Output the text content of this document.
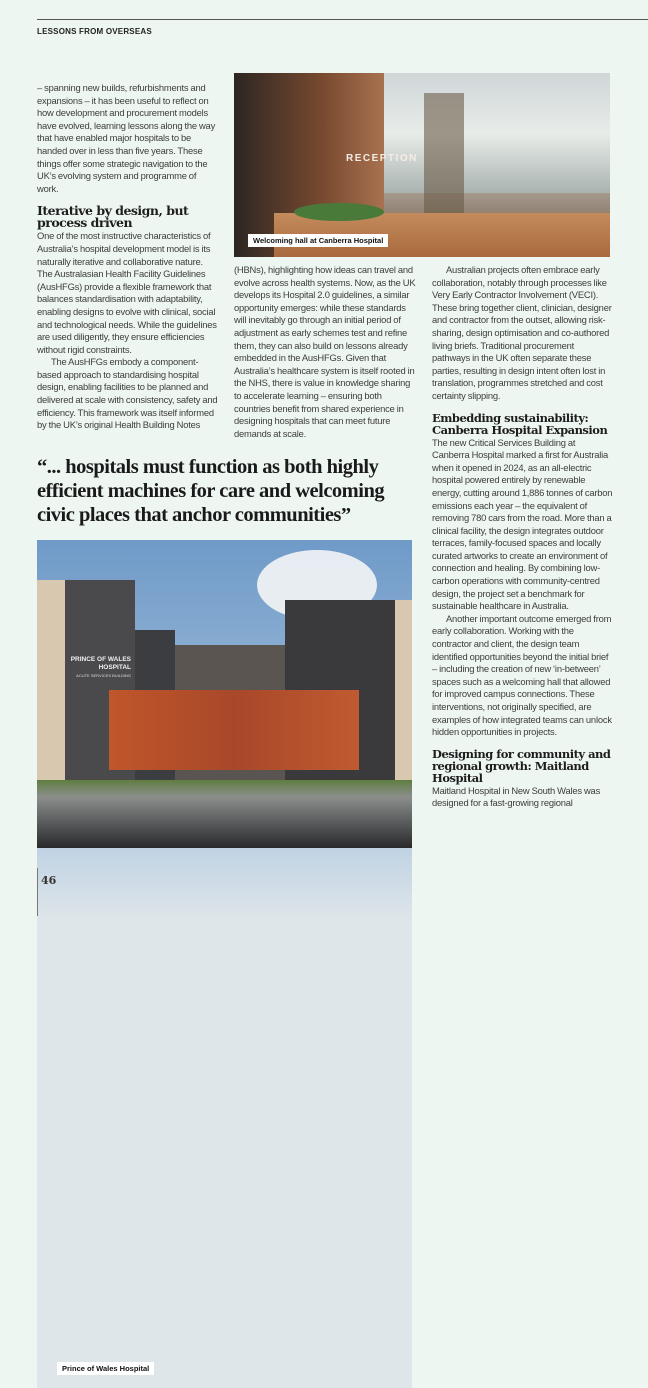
LESSONS FROM OVERSEAS

– spanning new builds, refurbishments and expansions – it has been useful to reflect on how development and procurement models have evolved, learning lessons along the way that have enabled major hospitals to be handed over in less than five years. These things offer some strategic navigation to the UK’s evolving system and programme of work.

Iterative by design, but process driven

One of the most instructive characteristics of Australia’s hospital development model is its naturally iterative and collaborative nature. The Australasian Health Facility Guidelines (AusHFGs) provide a flexible framework that balances standardisation with adaptability, enabling designs to evolve with clinical, social and technological needs. While the guidelines are used diligently, they ensure efficiencies without rigid constraints.

The AusHFGs embody a component-based approach to standardising hospital design, enabling facilities to be planned and delivered at scale with consistency, safety and efficiency. This framework was itself informed by the UK’s original Health Building Notes

RECEPTION
Welcoming hall at Canberra Hospital

(HBNs), highlighting how ideas can travel and evolve across health systems. Now, as the UK develops its Hospital 2.0 guidelines, a similar opportunity emerges: while these standards will inevitably go through an initial period of adjustment as early schemes test and refine them, they can also build on lessons already embedded in the AusHFGs. Given that Australia’s healthcare system is itself rooted in the NHS, there is value in knowledge sharing to accelerate learning – ensuring both countries benefit from shared experience in designing hospitals that can meet future demands at scale.

Australian projects often embrace early collaboration, notably through processes like Very Early Contractor Involvement (VECI). These bring together client, clinician, designer and contractor from the outset, allowing risk-sharing, design optimisation and co-authored living briefs. Traditional procurement pathways in the UK often separate these parties, resulting in design intent often lost in translation, programmes stretched and cost certainty slipping.

Embedding sustainability: Canberra Hospital Expansion

The new Critical Services Building at Canberra Hospital marked a first for Australia when it opened in 2024, as an all-electric hospital powered entirely by renewable energy, cutting around 1,886 tonnes of carbon emissions each year – the equivalent of removing 780 cars from the road. More than a clinical facility, the design integrates outdoor terraces, family-focused spaces and locally curated artworks to create an environment of connection and healing. By combining low-carbon operations with community-centred design, the project set a benchmark for sustainable healthcare in Australia.

Another important outcome emerged from early collaboration. Working with the contractor and client, the design team identified opportunities beyond the initial brief – including the creation of new ‘in-between’ spaces such as a welcoming hall that allowed for improved campus connections. These interventions, not originally specified, are examples of how integrated teams can unlock hidden opportunities in projects.

Designing for community and regional growth: Maitland Hospital

Maitland Hospital in New South Wales was designed for a fast-growing regional

“... hospitals must function as both highly efficient machines for care and welcoming civic places that anchor communities”
PRINCE OF WALES HOSPITAL
ACUTE SERVICES BUILDING
Prince of Wales Hospital
46
